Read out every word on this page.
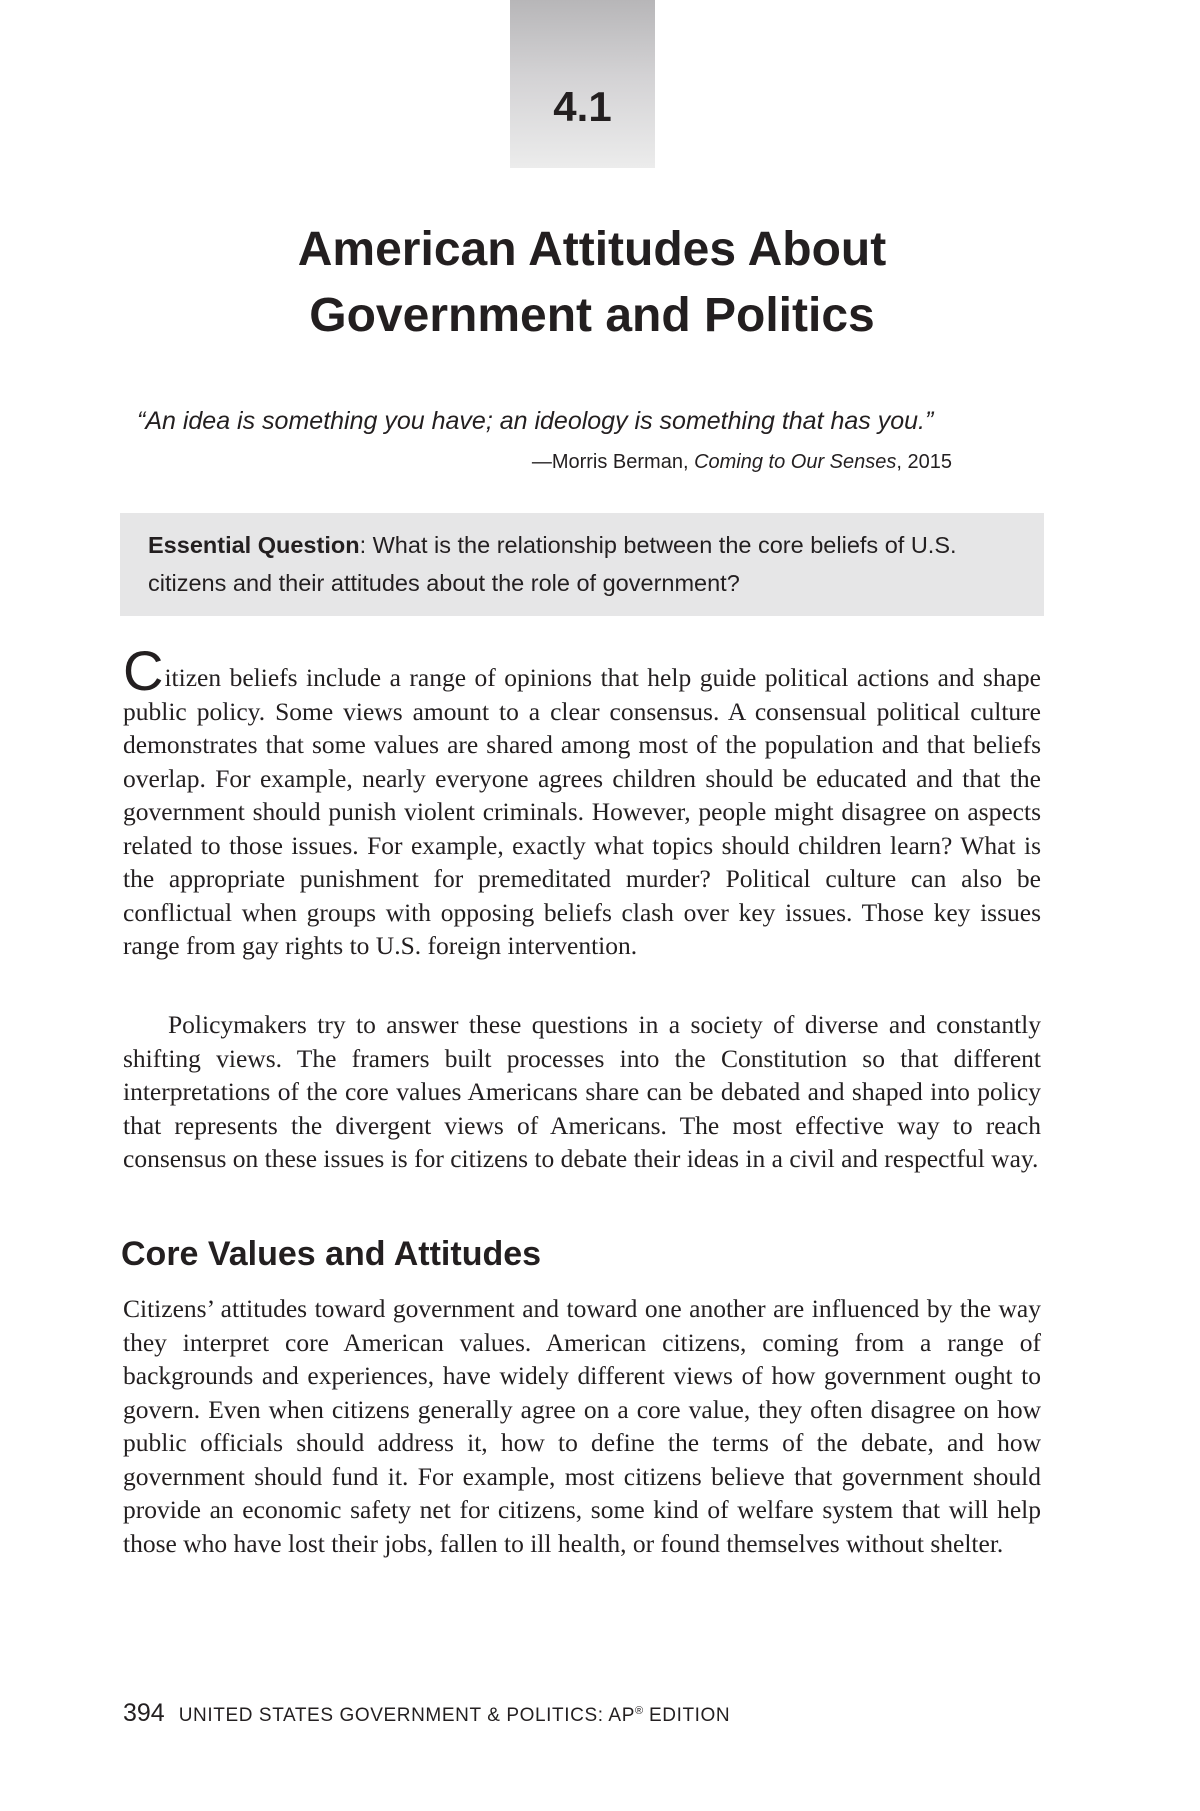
4.1
American Attitudes About
Government and Politics

“An idea is something you have; an ideology is something that has you.”

—Morris Berman, Coming to Our Senses, 2015

Essential Question: What is the relationship between the core beliefs of U.S. citizens and their attitudes about the role of government?

Citizen beliefs include a range of opinions that help guide political actions and shape public policy. Some views amount to a clear consensus. A consensual political culture demonstrates that some values are shared among most of the population and that beliefs overlap. For example, nearly everyone agrees children should be educated and that the government should punish violent criminals. However, people might disagree on aspects related to those issues. For example, exactly what topics should children learn? What is the appropriate punishment for premeditated murder? Political culture can also be conflictual when groups with opposing beliefs clash over key issues. Those key issues range from gay rights to U.S. foreign intervention.

Policymakers try to answer these questions in a society of diverse and constantly shifting views. The framers built processes into the Constitution so that different interpretations of the core values Americans share can be debated and shaped into policy that represents the divergent views of Americans. The most effective way to reach consensus on these issues is for citizens to debate their ideas in a civil and respectful way.

Core Values and Attitudes

Citizens’ attitudes toward government and toward one another are influenced by the way they interpret core American values. American citizens, coming from a range of backgrounds and experiences, have widely different views of how government ought to govern. Even when citizens generally agree on a core value, they often disagree on how public officials should address it, how to define the terms of the debate, and how government should fund it. For example, most citizens believe that government should provide an economic safety net for citizens, some kind of welfare system that will help those who have lost their jobs, fallen to ill health, or found themselves without shelter.

394 UNITED STATES GOVERNMENT & POLITICS: AP® EDITION
